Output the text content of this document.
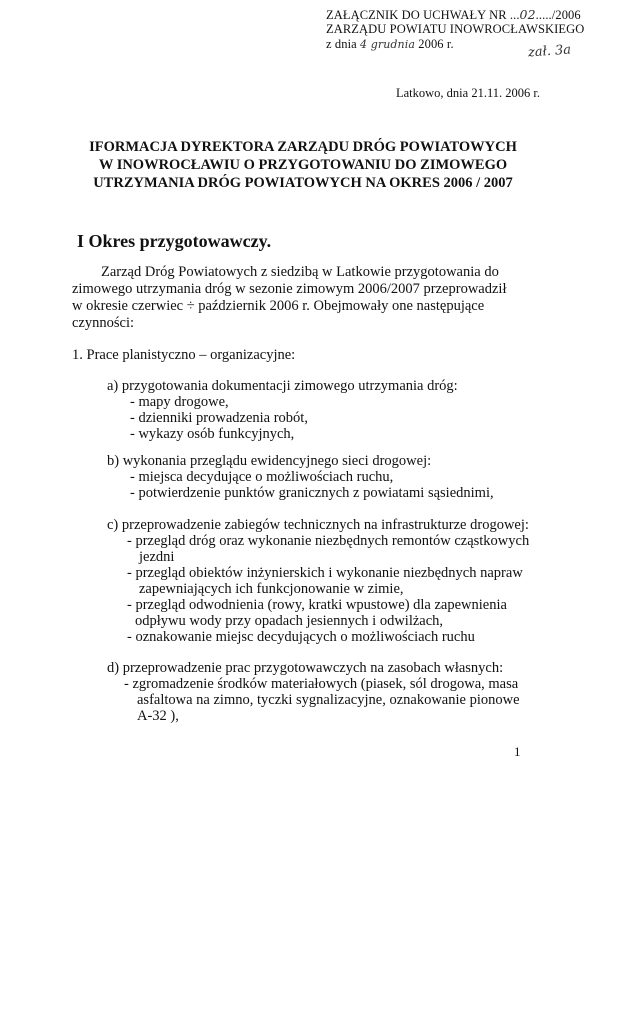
ZAŁĄCZNIK DO UCHWAŁY NR ...02...../2006
ZARZĄDU POWIATU INOWROCŁAWSKIEGO
z dnia 4 grudnia 2006 r.	zał. 3a
Latkowo, dnia 21.11. 2006 r.
IFORMACJA DYREKTORA ZARZĄDU DRÓG POWIATOWYCH
W INOWROCŁAWIU O PRZYGOTOWANIU DO ZIMOWEGO
UTRZYMANIA DRÓG POWIATOWYCH NA OKRES 2006 / 2007
I Okres przygotowawczy.
Zarząd Dróg Powiatowych z siedzibą w Latkowie przygotowania do
zimowego utrzymania dróg w sezonie zimowym 2006/2007 przeprowadził
w okresie czerwiec ÷ październik 2006 r. Obejmowały one następujące
czynności:
1. Prace planistyczno – organizacyjne:
a) przygotowania dokumentacji zimowego utrzymania dróg:
- mapy drogowe,
- dzienniki prowadzenia robót,
- wykazy osób funkcyjnych,
b) wykonania przeglądu ewidencyjnego sieci drogowej:
- miejsca decydujące o możliwościach ruchu,
- potwierdzenie punktów granicznych z powiatami sąsiednimi,
c) przeprowadzenie zabiegów technicznych na infrastrukturze drogowej:
- przegląd dróg oraz wykonanie niezbędnych remontów cząstkowych
jezdni
- przegląd obiektów inżynierskich i wykonanie niezbędnych napraw
zapewniających ich funkcjonowanie w zimie,
- przegląd odwodnienia (rowy, kratki wpustowe) dla zapewnienia
odpływu wody przy opadach jesiennych i odwilżach,
- oznakowanie miejsc decydujących o możliwościach ruchu
d) przeprowadzenie prac przygotowawczych na zasobach własnych:
- zgromadzenie środków materiałowych (piasek, sól drogowa, masa
asfaltowa na zimno, tyczki sygnalizacyjne, oznakowanie pionowe
A-32 ),
1
